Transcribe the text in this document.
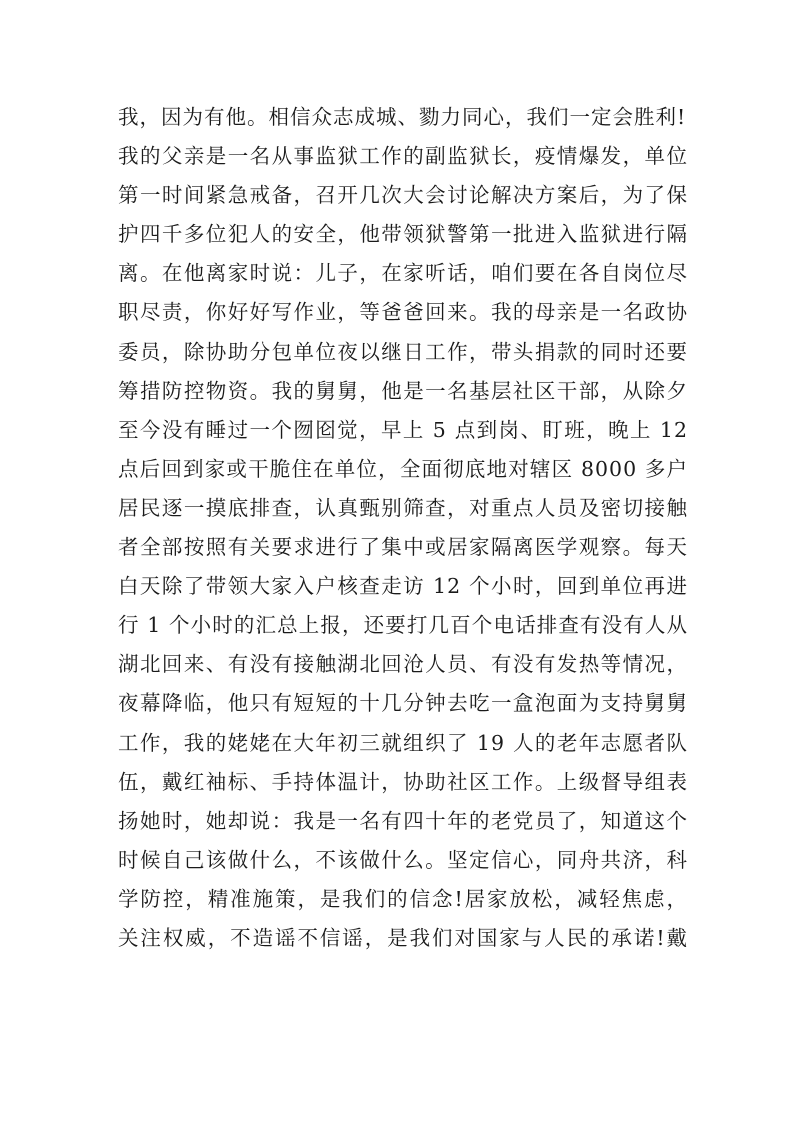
我，因为有他。相信众志成城、勠力同心，我们一定会胜利!
我的父亲是一名从事监狱工作的副监狱长，疫情爆发，单位
第一时间紧急戒备，召开几次大会讨论解决方案后，为了保
护四千多位犯人的安全，他带领狱警第一批进入监狱进行隔
离。在他离家时说：儿子，在家听话，咱们要在各自岗位尽
职尽责，你好好写作业，等爸爸回来。我的母亲是一名政协
委员，除协助分包单位夜以继日工作，带头捐款的同时还要
筹措防控物资。我的舅舅，他是一名基层社区干部，从除夕
至今没有睡过一个囫囵觉，早上 5 点到岗、盯班，晚上 12
点后回到家或干脆住在单位，全面彻底地对辖区 8000 多户
居民逐一摸底排查，认真甄别筛查，对重点人员及密切接触
者全部按照有关要求进行了集中或居家隔离医学观察。每天
白天除了带领大家入户核查走访 12 个小时，回到单位再进
行 1 个小时的汇总上报，还要打几百个电话排查有没有人从
湖北回来、有没有接触湖北回沧人员、有没有发热等情况，
夜幕降临，他只有短短的十几分钟去吃一盒泡面为支持舅舅
工作，我的姥姥在大年初三就组织了 19 人的老年志愿者队
伍，戴红袖标、手持体温计，协助社区工作。上级督导组表
扬她时，她却说：我是一名有四十年的老党员了，知道这个
时候自己该做什么，不该做什么。坚定信心，同舟共济，科
学防控，精准施策，是我们的信念!居家放松，减轻焦虑，
关注权威，不造谣不信谣，是我们对国家与人民的承诺!戴
